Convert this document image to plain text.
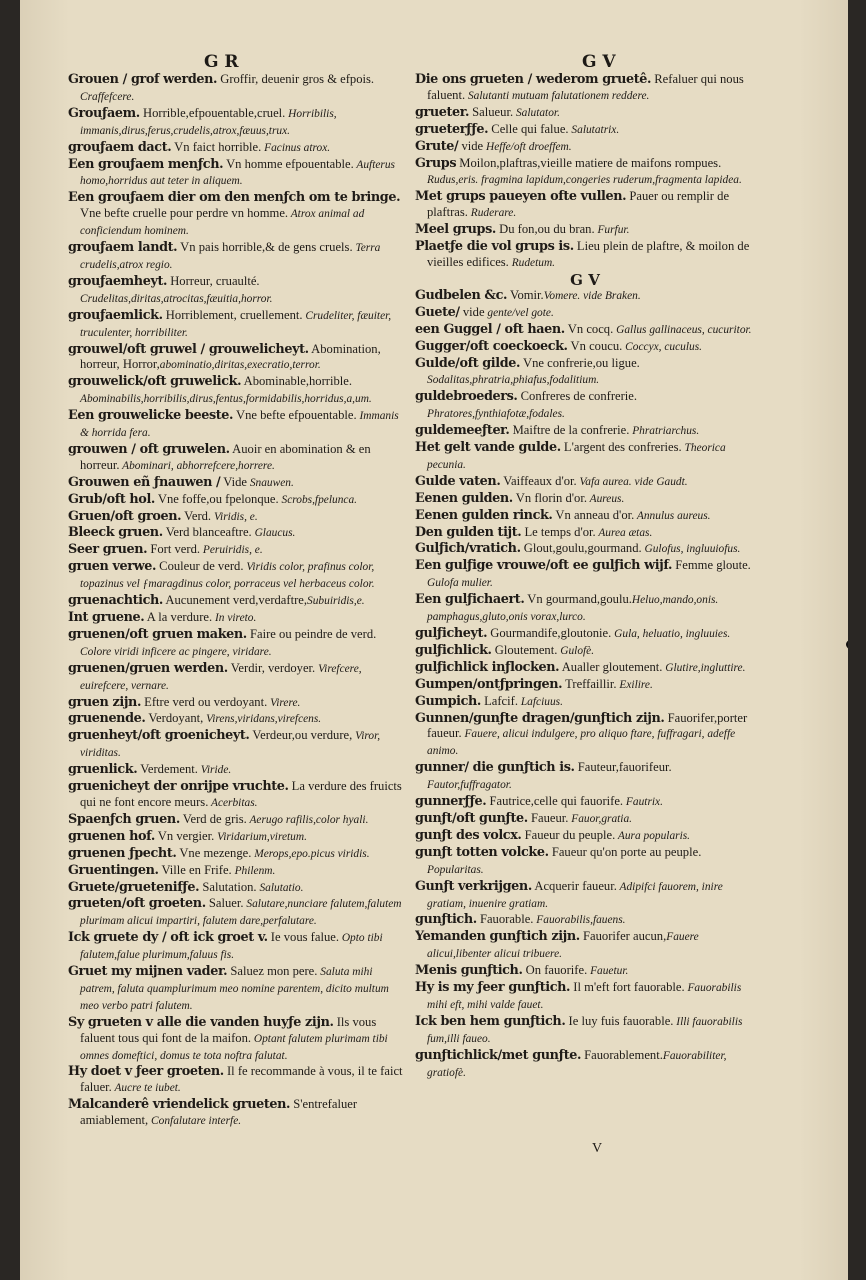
G R	G V

Grouen / grof werden. Groffir, deuenir gros & efpois. Craffefcere.

Grouƒaem. Horrible,efpouentable,cruel. Horribilis, immanis,dirus,ferus,crudelis,atrox,fæuus,trux.

grouƒaem dact. Vn faict horrible. Facinus atrox.

Een grouƒaem menƒch. Vn homme efpouentable. Aufterus homo,horridus aut teter in aliquem.

Een grouƒaem dier om den menƒch om te bringe. Vne befte cruelle pour perdre vn homme. Atrox animal ad conficiendum hominem.

grouƒaem landt. Vn pais horrible,& de gens cruels. Terra crudelis,atrox regio.

grouƒaemheyt. Horreur, cruaulté. Crudelitas,diritas,atrocitas,fæuitia,horror.

grouƒaemlick. Horriblement, cruellement. Crudeliter, fæuiter, truculenter, horribiliter.

grouwel/oft gruwel / grouwelicheyt. Abomination, horreur, Horror,abominatio,diritas,execratio,terror.

grouwelick/oft gruwelick. Abominable,horrible. Abominabilis,horribilis,dirus,fentus,formidabilis,horridus,a,um.

Een grouwelicke beeste. Vne befte efpouentable. Immanis & horrida fera.

grouwen / oft gruwelen. Auoir en abomination & en horreur. Abominari, abhorrefcere,horrere.

Grouwen eñ ƒnauwen / Vide Snauwen.

Grub/oft hol. Vne foffe,ou fpelonque. Scrobs,fpelunca.

Gruen/oft groen. Verd. Viridis, e.

Bleeck gruen. Verd blanceaftre. Glaucus.

Seer gruen. Fort verd. Peruiridis, e.

gruen verwe. Couleur de verd. Viridis color, prafinus color, topazinus vel ƒmaragdinus color, porraceus vel herbaceus color.

gruenachtich. Aucunement verd,verdaftre,Subuiridis,e.

Int gruene. A la verdure. In vireto.

gruenen/oft gruen maken. Faire ou peindre de verd. Colore viridi inficere ac pingere, viridare.

gruenen/gruen werden. Verdir, verdoyer. Virefcere, euirefcere, vernare.

gruen zijn. Eftre verd ou verdoyant. Virere.

gruenende. Verdoyant, Virens,viridans,virefcens.

gruenheyt/oft groenicheyt. Verdeur,ou verdure, Viror, viriditas.

gruenlick. Verdement. Viride.

gruenicheyt der onrijpe vruchte. La verdure des fruicts qui ne font encore meurs. Acerbitas.

Spaenƒch gruen. Verd de gris. Aerugo rafilis,color hyali.

gruenen hof. Vn vergier. Viridarium,viretum.

gruenen ƒpecht. Vne mezenge. Merops,epo.picus viridis.

Gruentingen. Ville en Frife. Philenm.

Gruete/gruetenifƒe. Salutation. Salutatio.

grueten/oft groeten. Saluer. Salutare,nunciare falutem,falutem plurimam alicui impartiri, falutem dare,perfalutare.

Ick gruete dy / oft ick groet v. Ie vous falue. Opto tibi falutem,falue plurimum,faluus fis.

Gruet my mijnen vader. Saluez mon pere. Saluta mihi patrem, faluta quamplurimum meo nomine parentem, dicito multum meo verbo patri falutem.

Sy grueten v alle die vanden huyƒe zijn. Ils vous faluent tous qui font de la maifon. Optant falutem plurimam tibi omnes domeftici, domus te tota noftra falutat.

Hy doet v ƒeer groeten. Il fe recommande à vous, il te faict faluer. Aucre te iubet.

Malcanderê vriendelick grueten. S'entrefaluer amiablement, Confalutare interfe.

Die ons grueten / wederom gruetê. Refaluer qui nous faluent. Salutanti mutuam falutationem reddere.

grueter. Salueur. Salutator.

grueterƒƒe. Celle qui falue. Salutatrix.

Grute/ vide Heffe/oft droeffem.

Grups Moilon,plaftras,vieille matiere de maifons rompues. Rudus,eris. fragmina lapidum,congeries ruderum,fragmenta lapidea.

Met grups paueyen ofte vullen. Pauer ou remplir de plaftras. Ruderare.

Meel grups. Du fon,ou du bran. Furfur.

Plaetƒe die vol grups is. Lieu plein de plaftre, & moilon de vieilles edifices. Rudetum.

G V

Gudbelen &c. Vomir.Vomere. vide Braken.

Guete/ vide gente/vel gote.

een Guggel / oft haen. Vn cocq. Gallus gallinaceus, cucuritor.

Gugger/oft coeckoeck. Vn coucu. Coccyx, cuculus.

Gulde/oft gilde. Vne confrerie,ou ligue. Sodalitas,phratria,phiafus,fodalitium.

guldebroeders. Confreres de confrerie. Phratores,fynthiafotæ,fodales.

guldemeeƒter. Maiftre de la confrerie. Phratriarchus.

Het gelt vande gulde. L'argent des confreries. Theorica pecunia.

Gulde vaten. Vaiffeaux d'or. Vafa aurea. vide Gaudt.

Eenen gulden. Vn florin d'or. Aureus.

Eenen gulden rinck. Vn anneau d'or. Annulus aureus.

Den gulden tijt. Le temps d'or. Aurea ætas.

Gulƒich/vratich. Glout,goulu,gourmand. Gulofus, ingluuiofus.

Een gulƒige vrouwe/oft ee gulƒich wijf. Femme gloute. Gulofa mulier.

Een gulƒichaert. Vn gourmand,goulu.Heluo,mando,onis. pamphagus,gluto,onis vorax,lurco.

gulƒicheyt. Gourmandife,gloutonie. Gula, heluatio, ingluuies.

gulƒichlick. Gloutement. Gulofè.

gulƒichlick inƒlocken. Aualler gloutement. Glutire,ingluttire.

Gumpen/ontƒpringen. Treffaillir. Exilire.

Gumpich. Lafcif. Lafciuus.

Gunnen/gunƒte dragen/gunƒtich zijn. Fauorifer,porter faueur. Fauere, alicui indulgere, pro aliquo ftare, fuffragari, adeffe animo.

gunner/ die gunƒtich is. Fauteur,fauorifeur. Fautor,fuffragator.

gunnerƒƒe. Fautrice,celle qui fauorife. Fautrix.

gunƒt/oft gunƒte. Faueur. Fauor,gratia.

gunƒt des volcx. Faueur du peuple. Aura popularis.

gunƒt totten volcke. Faueur qu'on porte au peuple. Popularitas.

Gunƒt verkrijgen. Acquerir faueur. Adipifci fauorem, inire gratiam, inuenire gratiam.

gunƒtich. Fauorable. Fauorabilis,fauens.

Yemanden gunƒtich zijn. Fauorifer aucun,Fauere alicui,libenter alicui tribuere.

Menis gunƒtich. On fauorife. Fauetur.

Hy is my ƒeer gunƒtich. Il m'eft fort fauorable. Fauorabilis mihi eft, mihi valde fauet.

Ick ben hem gunƒtich. Ie luy fuis fauorable. Illi fauorabilis fum,illi faueo.

gunƒtichlick/met gunƒte. Fauorablement.Fauorabiliter, gratiofè.

V
